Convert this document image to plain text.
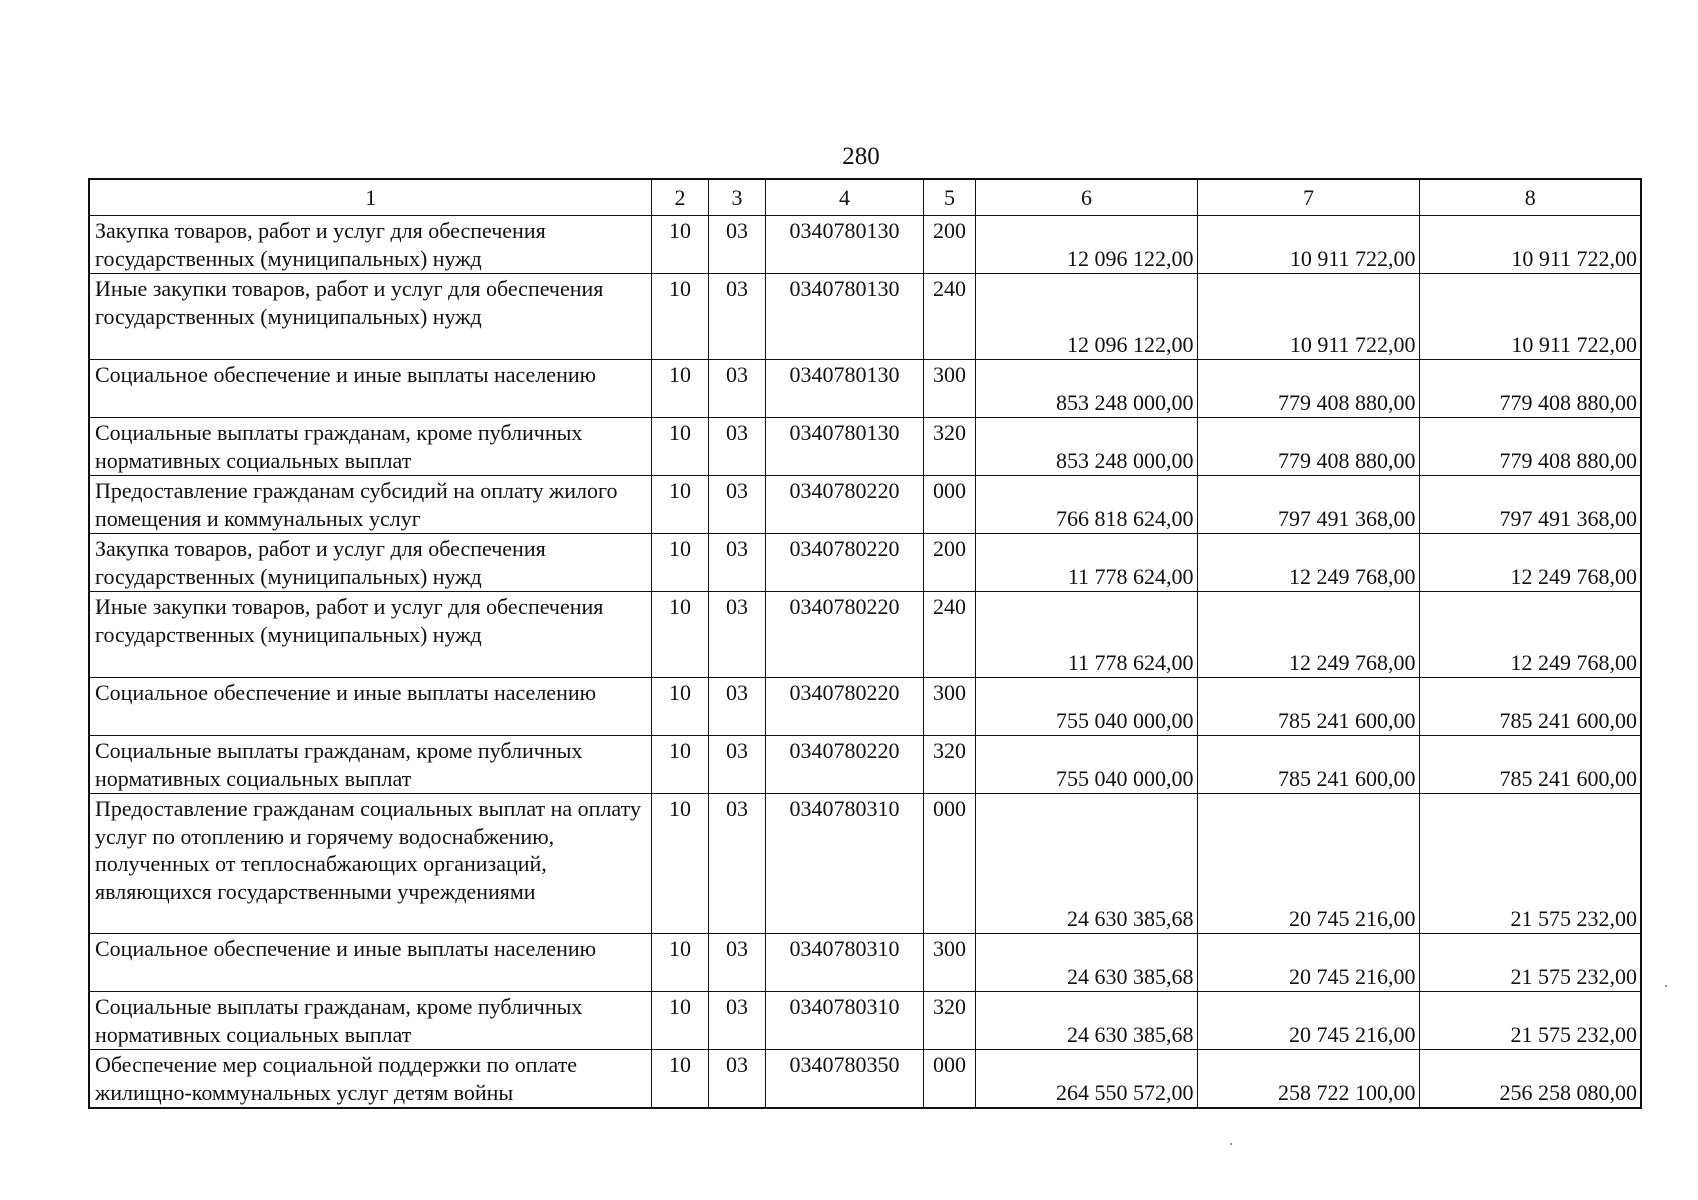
280
1	2	3	4	5	6	7	8
Закупка товаров, работ и услуг для обеспечения государственных (муниципальных) нужд	10	03	0340780130	200	12 096 122,00	10 911 722,00	10 911 722,00
Иные закупки товаров, работ и услуг для обеспечения государственных (муниципальных) нужд	10	03	0340780130	240	12 096 122,00	10 911 722,00	10 911 722,00
Социальное обеспечение и иные выплаты населению	10	03	0340780130	300	853 248 000,00	779 408 880,00	779 408 880,00
Социальные выплаты гражданам, кроме публичных нормативных социальных выплат	10	03	0340780130	320	853 248 000,00	779 408 880,00	779 408 880,00
Предоставление гражданам субсидий на оплату жилого помещения и коммунальных услуг	10	03	0340780220	000	766 818 624,00	797 491 368,00	797 491 368,00
Закупка товаров, работ и услуг для обеспечения государственных (муниципальных) нужд	10	03	0340780220	200	11 778 624,00	12 249 768,00	12 249 768,00
Иные закупки товаров, работ и услуг для обеспечения государственных (муниципальных) нужд	10	03	0340780220	240	11 778 624,00	12 249 768,00	12 249 768,00
Социальное обеспечение и иные выплаты населению	10	03	0340780220	300	755 040 000,00	785 241 600,00	785 241 600,00
Социальные выплаты гражданам, кроме публичных нормативных социальных выплат	10	03	0340780220	320	755 040 000,00	785 241 600,00	785 241 600,00
Предоставление гражданам социальных выплат на оплату услуг по отоплению и горячему водоснабжению, полученных от теплоснабжающих организаций, являющихся государственными учреждениями	10	03	0340780310	000	24 630 385,68	20 745 216,00	21 575 232,00
Социальное обеспечение и иные выплаты населению	10	03	0340780310	300	24 630 385,68	20 745 216,00	21 575 232,00
Социальные выплаты гражданам, кроме публичных нормативных социальных выплат	10	03	0340780310	320	24 630 385,68	20 745 216,00	21 575 232,00
Обеспечение мер социальной поддержки по оплате жилищно-коммунальных услуг детям войны	10	03	0340780350	000	264 550 572,00	258 722 100,00	256 258 080,00
